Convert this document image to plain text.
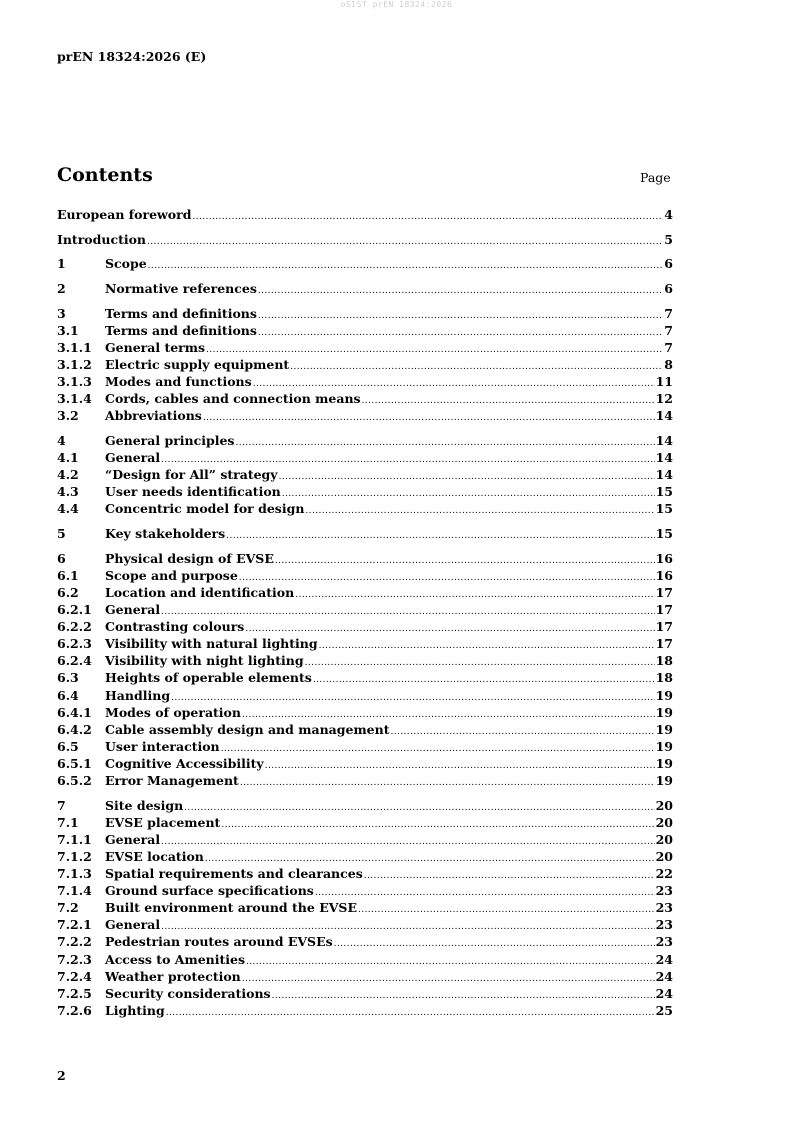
oSIST prEN 18324:2026
prEN 18324:2026 (E)
Contents	Page
European foreword .....	4
Introduction .....	5
1	Scope .....	6
2	Normative references .....	6
3	Terms and definitions .....	7
3.1	Terms and definitions .....	7
3.1.1	General terms .....	7
3.1.2	Electric supply equipment .....	8
3.1.3	Modes and functions .....	11
3.1.4	Cords, cables and connection means .....	12
3.2	Abbreviations .....	14
4	General principles .....	14
4.1	General .....	14
4.2	“Design for All” strategy .....	14
4.3	User needs identification .....	15
4.4	Concentric model for design .....	15
5	Key stakeholders .....	15
6	Physical design of EVSE .....	16
6.1	Scope and purpose .....	16
6.2	Location and identification .....	17
6.2.1	General .....	17
6.2.2	Contrasting colours .....	17
6.2.3	Visibility with natural lighting .....	17
6.2.4	Visibility with night lighting .....	18
6.3	Heights of operable elements .....	18
6.4	Handling .....	19
6.4.1	Modes of operation .....	19
6.4.2	Cable assembly design and management .....	19
6.5	User interaction .....	19
6.5.1	Cognitive Accessibility .....	19
6.5.2	Error Management .....	19
7	Site design .....	20
7.1	EVSE placement .....	20
7.1.1	General .....	20
7.1.2	EVSE location .....	20
7.1.3	Spatial requirements and clearances .....	22
7.1.4	Ground surface specifications .....	23
7.2	Built environment around the EVSE .....	23
7.2.1	General .....	23
7.2.2	Pedestrian routes around EVSEs .....	23
7.2.3	Access to Amenities .....	24
7.2.4	Weather protection .....	24
7.2.5	Security considerations .....	24
7.2.6	Lighting .....	25
2
